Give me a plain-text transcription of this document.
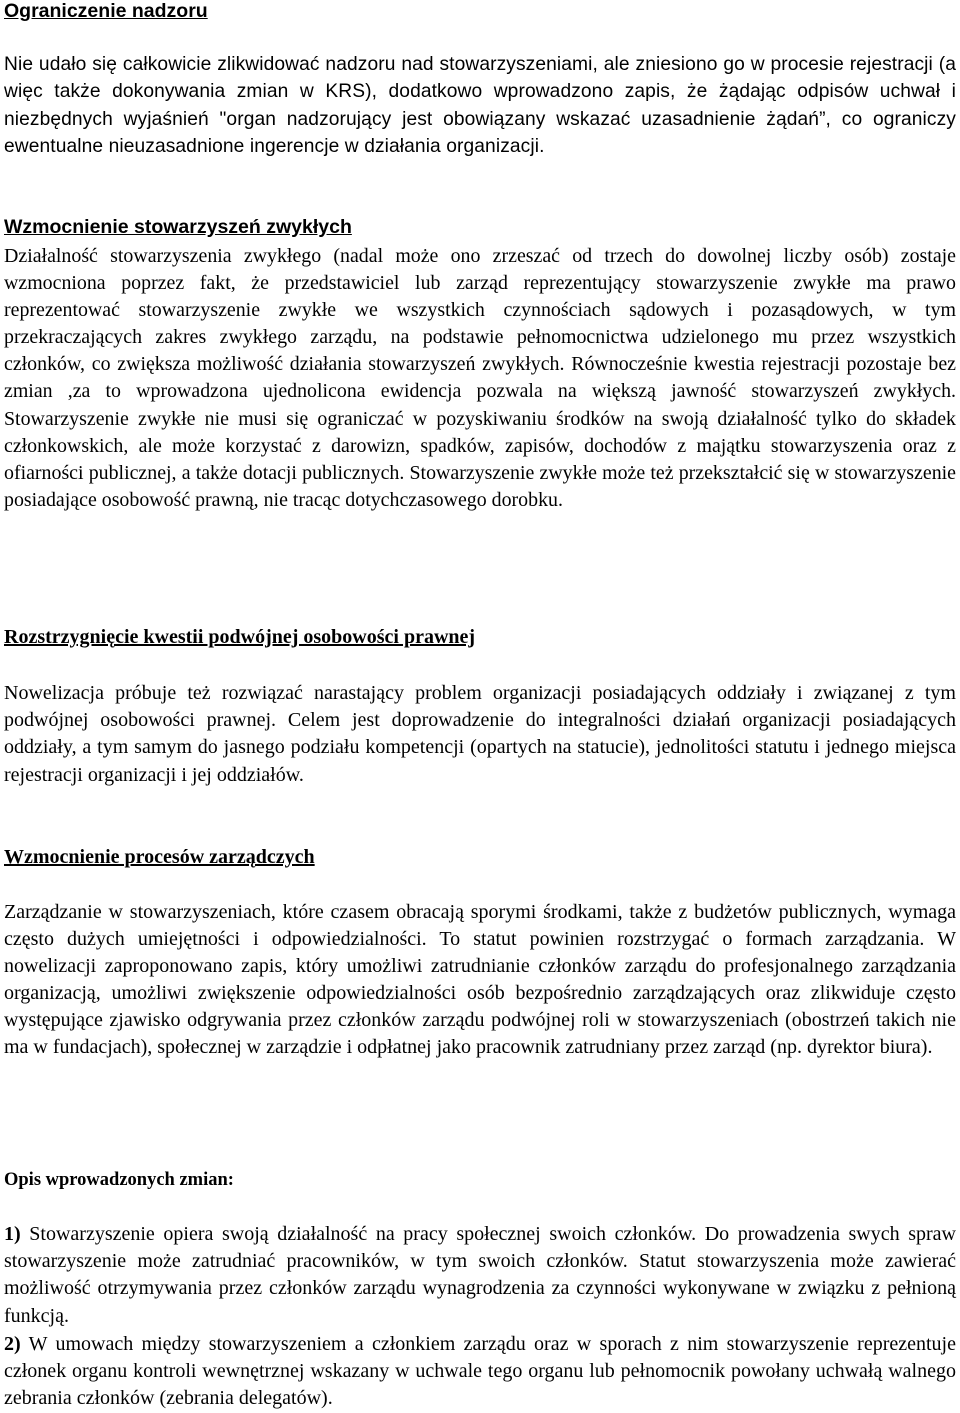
Ograniczenie nadzoru

Nie udało się całkowicie zlikwidować nadzoru nad stowarzyszeniami, ale zniesiono go w procesie rejestracji (a więc także dokonywania zmian w KRS), dodatkowo wprowadzono zapis, że żądając odpisów uchwał i niezbędnych wyjaśnień "organ nadzorujący jest obowiązany wskazać uzasadnienie żądań”, co ograniczy ewentualne nieuzasadnione ingerencje w działania organizacji.

Wzmocnienie stowarzyszeń zwykłych

Działalność stowarzyszenia zwykłego (nadal może ono zrzeszać od trzech do dowolnej liczby osób) zostaje wzmocniona poprzez fakt, że przedstawiciel lub zarząd reprezentujący stowarzyszenie zwykłe ma prawo reprezentować stowarzyszenie zwykłe we wszystkich czynnościach sądowych i pozasądowych, w tym przekraczających zakres zwykłego zarządu, na podstawie pełnomocnictwa udzielonego mu przez wszystkich członków, co zwiększa możliwość działania stowarzyszeń zwykłych. Równocześnie kwestia rejestracji pozostaje bez zmian ,za to wprowadzona ujednolicona ewidencja pozwala na większą jawność stowarzyszeń zwykłych. Stowarzyszenie zwykłe nie musi się ograniczać w pozyskiwaniu środków na swoją działalność tylko do składek członkowskich, ale może korzystać z darowizn, spadków, zapisów, dochodów z majątku stowarzyszenia oraz z ofiarności publicznej, a także dotacji publicznych. Stowarzyszenie zwykłe może też przekształcić się w stowarzyszenie posiadające osobowość prawną, nie tracąc dotychczasowego dorobku.

Rozstrzygnięcie kwestii podwójnej osobowości prawnej

Nowelizacja próbuje też rozwiązać narastający problem organizacji posiadających oddziały i związanej z tym podwójnej osobowości prawnej. Celem jest doprowadzenie do integralności działań organizacji posiadających oddziały, a tym samym do jasnego podziału kompetencji (opartych na statucie), jednolitości statutu i jednego miejsca rejestracji organizacji i jej oddziałów.

Wzmocnienie procesów zarządczych

Zarządzanie w stowarzyszeniach, które czasem obracają sporymi środkami, także z budżetów publicznych, wymaga często dużych umiejętności i odpowiedzialności. To statut powinien rozstrzygać o formach zarządzania. W nowelizacji zaproponowano zapis, który umożliwi zatrudnianie członków zarządu do profesjonalnego zarządzania organizacją, umożliwi zwiększenie odpowiedzialności osób bezpośrednio zarządzających oraz zlikwiduje często występujące zjawisko odgrywania przez członków zarządu podwójnej roli w stowarzyszeniach (obostrzeń takich nie ma w fundacjach), społecznej w zarządzie i odpłatnej jako pracownik zatrudniany przez zarząd (np. dyrektor biura).

Opis wprowadzonych zmian:

1) Stowarzyszenie opiera swoją działalność na pracy społecznej swoich członków. Do prowadzenia swych spraw stowarzyszenie może zatrudniać pracowników, w tym swoich członków. Statut stowarzyszenia może zawierać możliwość otrzymywania przez członków zarządu wynagrodzenia za czynności wykonywane w związku z pełnioną funkcją.

2) W umowach między stowarzyszeniem a członkiem zarządu oraz w sporach z nim stowarzyszenie reprezentuje członek organu kontroli wewnętrznej wskazany w uchwale tego organu lub pełnomocnik powołany uchwałą walnego zebrania członków (zebrania delegatów).
